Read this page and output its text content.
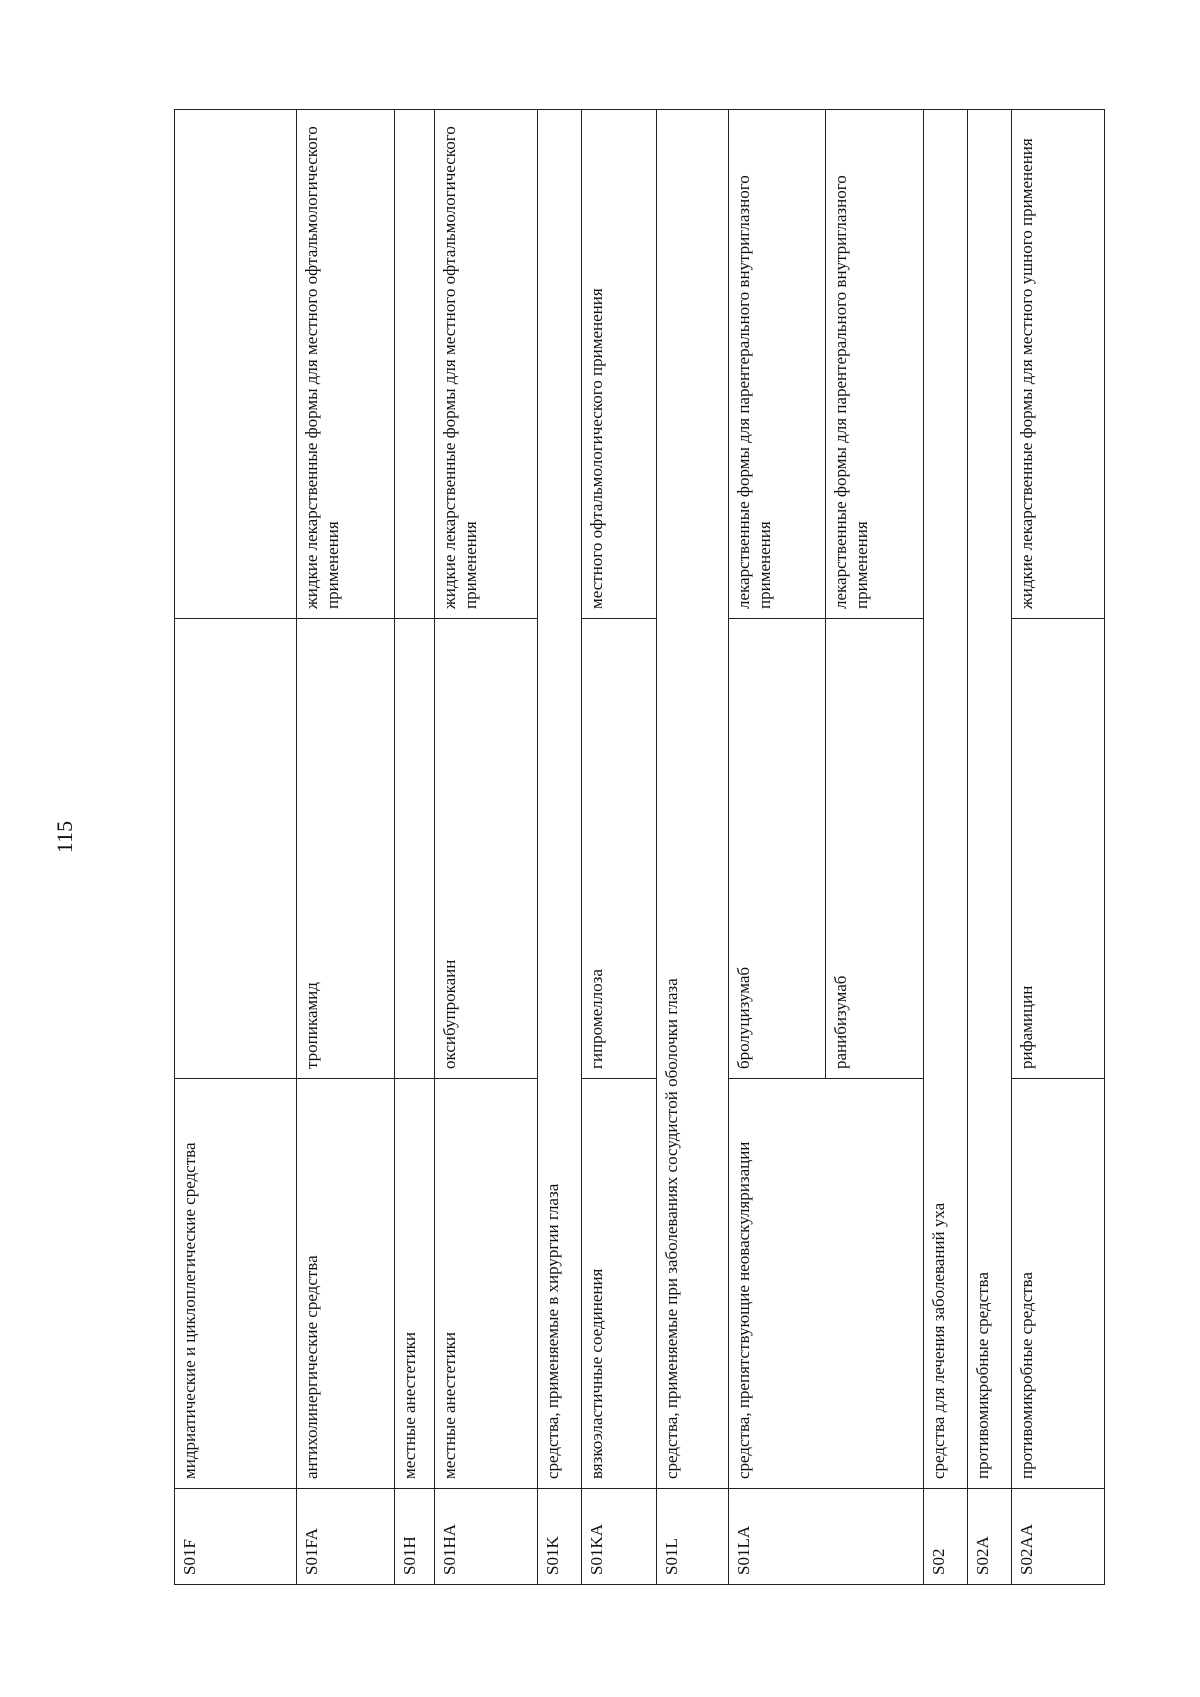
115
S01F	мидриатические и циклоплегические средства		
S01FA	антихолинергические средства	тропикамид	жидкие лекарственные формы для местного офтальмологического применения
S01H	местные анестетики		
S01HA	местные анестетики	оксибупрокаин	жидкие лекарственные формы для местного офтальмологического применения
S01K	средства, применяемые в хирургии глаза		
S01KA	вязкоэластичные соединения	гипромеллоза	местного офтальмологического применения
S01L	средства, применяемые при заболеваниях сосудистой оболочки глаза		
S01LA	средства, препятствующие неоваскуляризации	бролуцизумаб	лекарственные формы для парентерального внутриглазного применения
		ранибизумаб	лекарственные формы для парентерального внутриглазного применения
S02	средства для лечения заболеваний уха		
S02A	противомикробные средства		
S02AA	противомикробные средства	рифамицин	жидкие лекарственные формы для местного ушного применения
